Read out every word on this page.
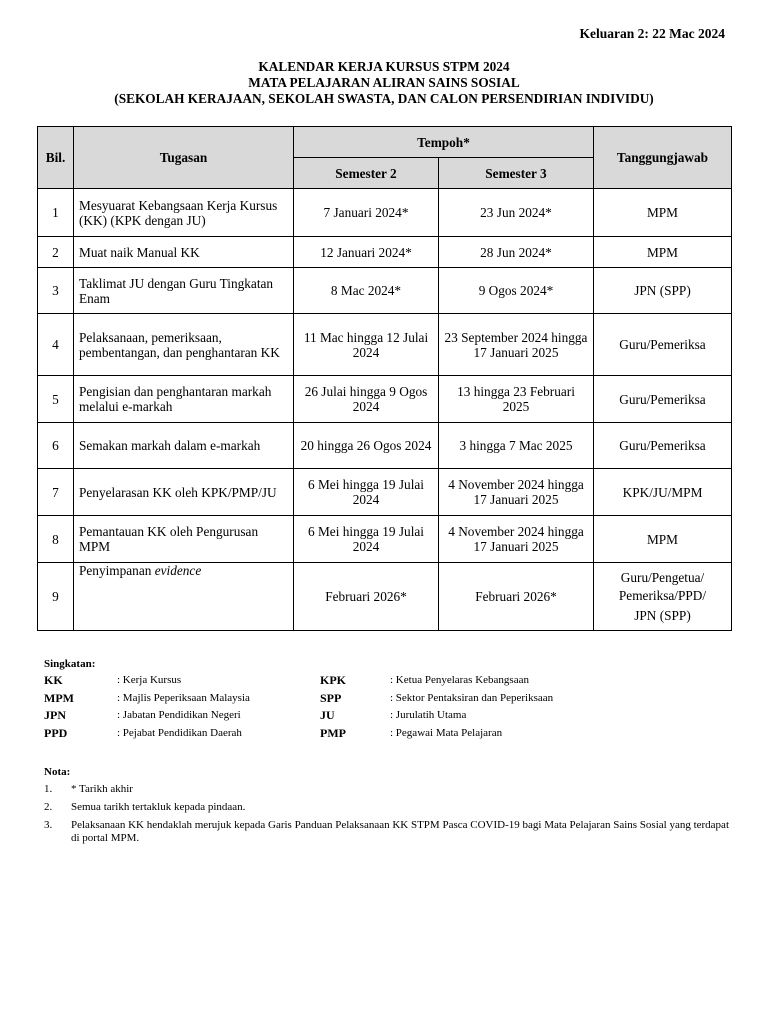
Keluaran 2: 22 Mac 2024
KALENDAR KERJA KURSUS STPM 2024
MATA PELAJARAN ALIRAN SAINS SOSIAL
(SEKOLAH KERAJAAN, SEKOLAH SWASTA, DAN CALON PERSENDIRIAN INDIVIDU)
Bil.	Tugasan	Tempoh*		Tanggungjawab
		Semester 2	Semester 3	
1	Mesyuarat Kebangsaan Kerja Kursus (KK) (KPK dengan JU)	7 Januari 2024*	23 Jun 2024*	MPM
2	Muat naik Manual KK	12 Januari 2024*	28 Jun 2024*	MPM
3	Taklimat JU dengan Guru Tingkatan Enam	8 Mac 2024*	9 Ogos 2024*	JPN (SPP)
4	Pelaksanaan, pemeriksaan, pembentangan, dan penghantaran KK	11 Mac hingga 12 Julai 2024	23 September 2024 hingga 17 Januari 2025	Guru/Pemeriksa
5	Pengisian dan penghantaran markah melalui e-markah	26 Julai hingga 9 Ogos 2024	13 hingga 23 Februari 2025	Guru/Pemeriksa
6	Semakan markah dalam e-markah	20 hingga 26 Ogos 2024	3 hingga 7 Mac 2025	Guru/Pemeriksa
7	Penyelarasan KK oleh KPK/PMP/JU	6 Mei hingga 19 Julai 2024	4 November 2024 hingga 17 Januari 2025	KPK/JU/MPM
8	Pemantauan KK oleh Pengurusan MPM	6 Mei hingga 19 Julai 2024	4 November 2024 hingga 17 Januari 2025	MPM
9	Penyimpanan evidence	Februari 2026*	Februari 2026*	Guru/Pengetua/ Pemeriksa/PPD/
JPN (SPP)
Singkatan:
KK	: Kerja Kursus	KPK	: Ketua Penyelaras Kebangsaan
MPM	: Majlis Peperiksaan Malaysia	SPP	: Sektor Pentaksiran dan Peperiksaan
JPN	: Jabatan Pendidikan Negeri	JU	: Jurulatih Utama
PPD	: Pejabat Pendidikan Daerah	PMP	: Pegawai Mata Pelajaran
Nota:
1.	* Tarikh akhir
2.	Semua tarikh tertakluk kepada pindaan.
3.	Pelaksanaan KK hendaklah merujuk kepada Garis Panduan Pelaksanaan KK STPM Pasca COVID-19 bagi Mata Pelajaran Sains Sosial yang terdapat di portal MPM.
